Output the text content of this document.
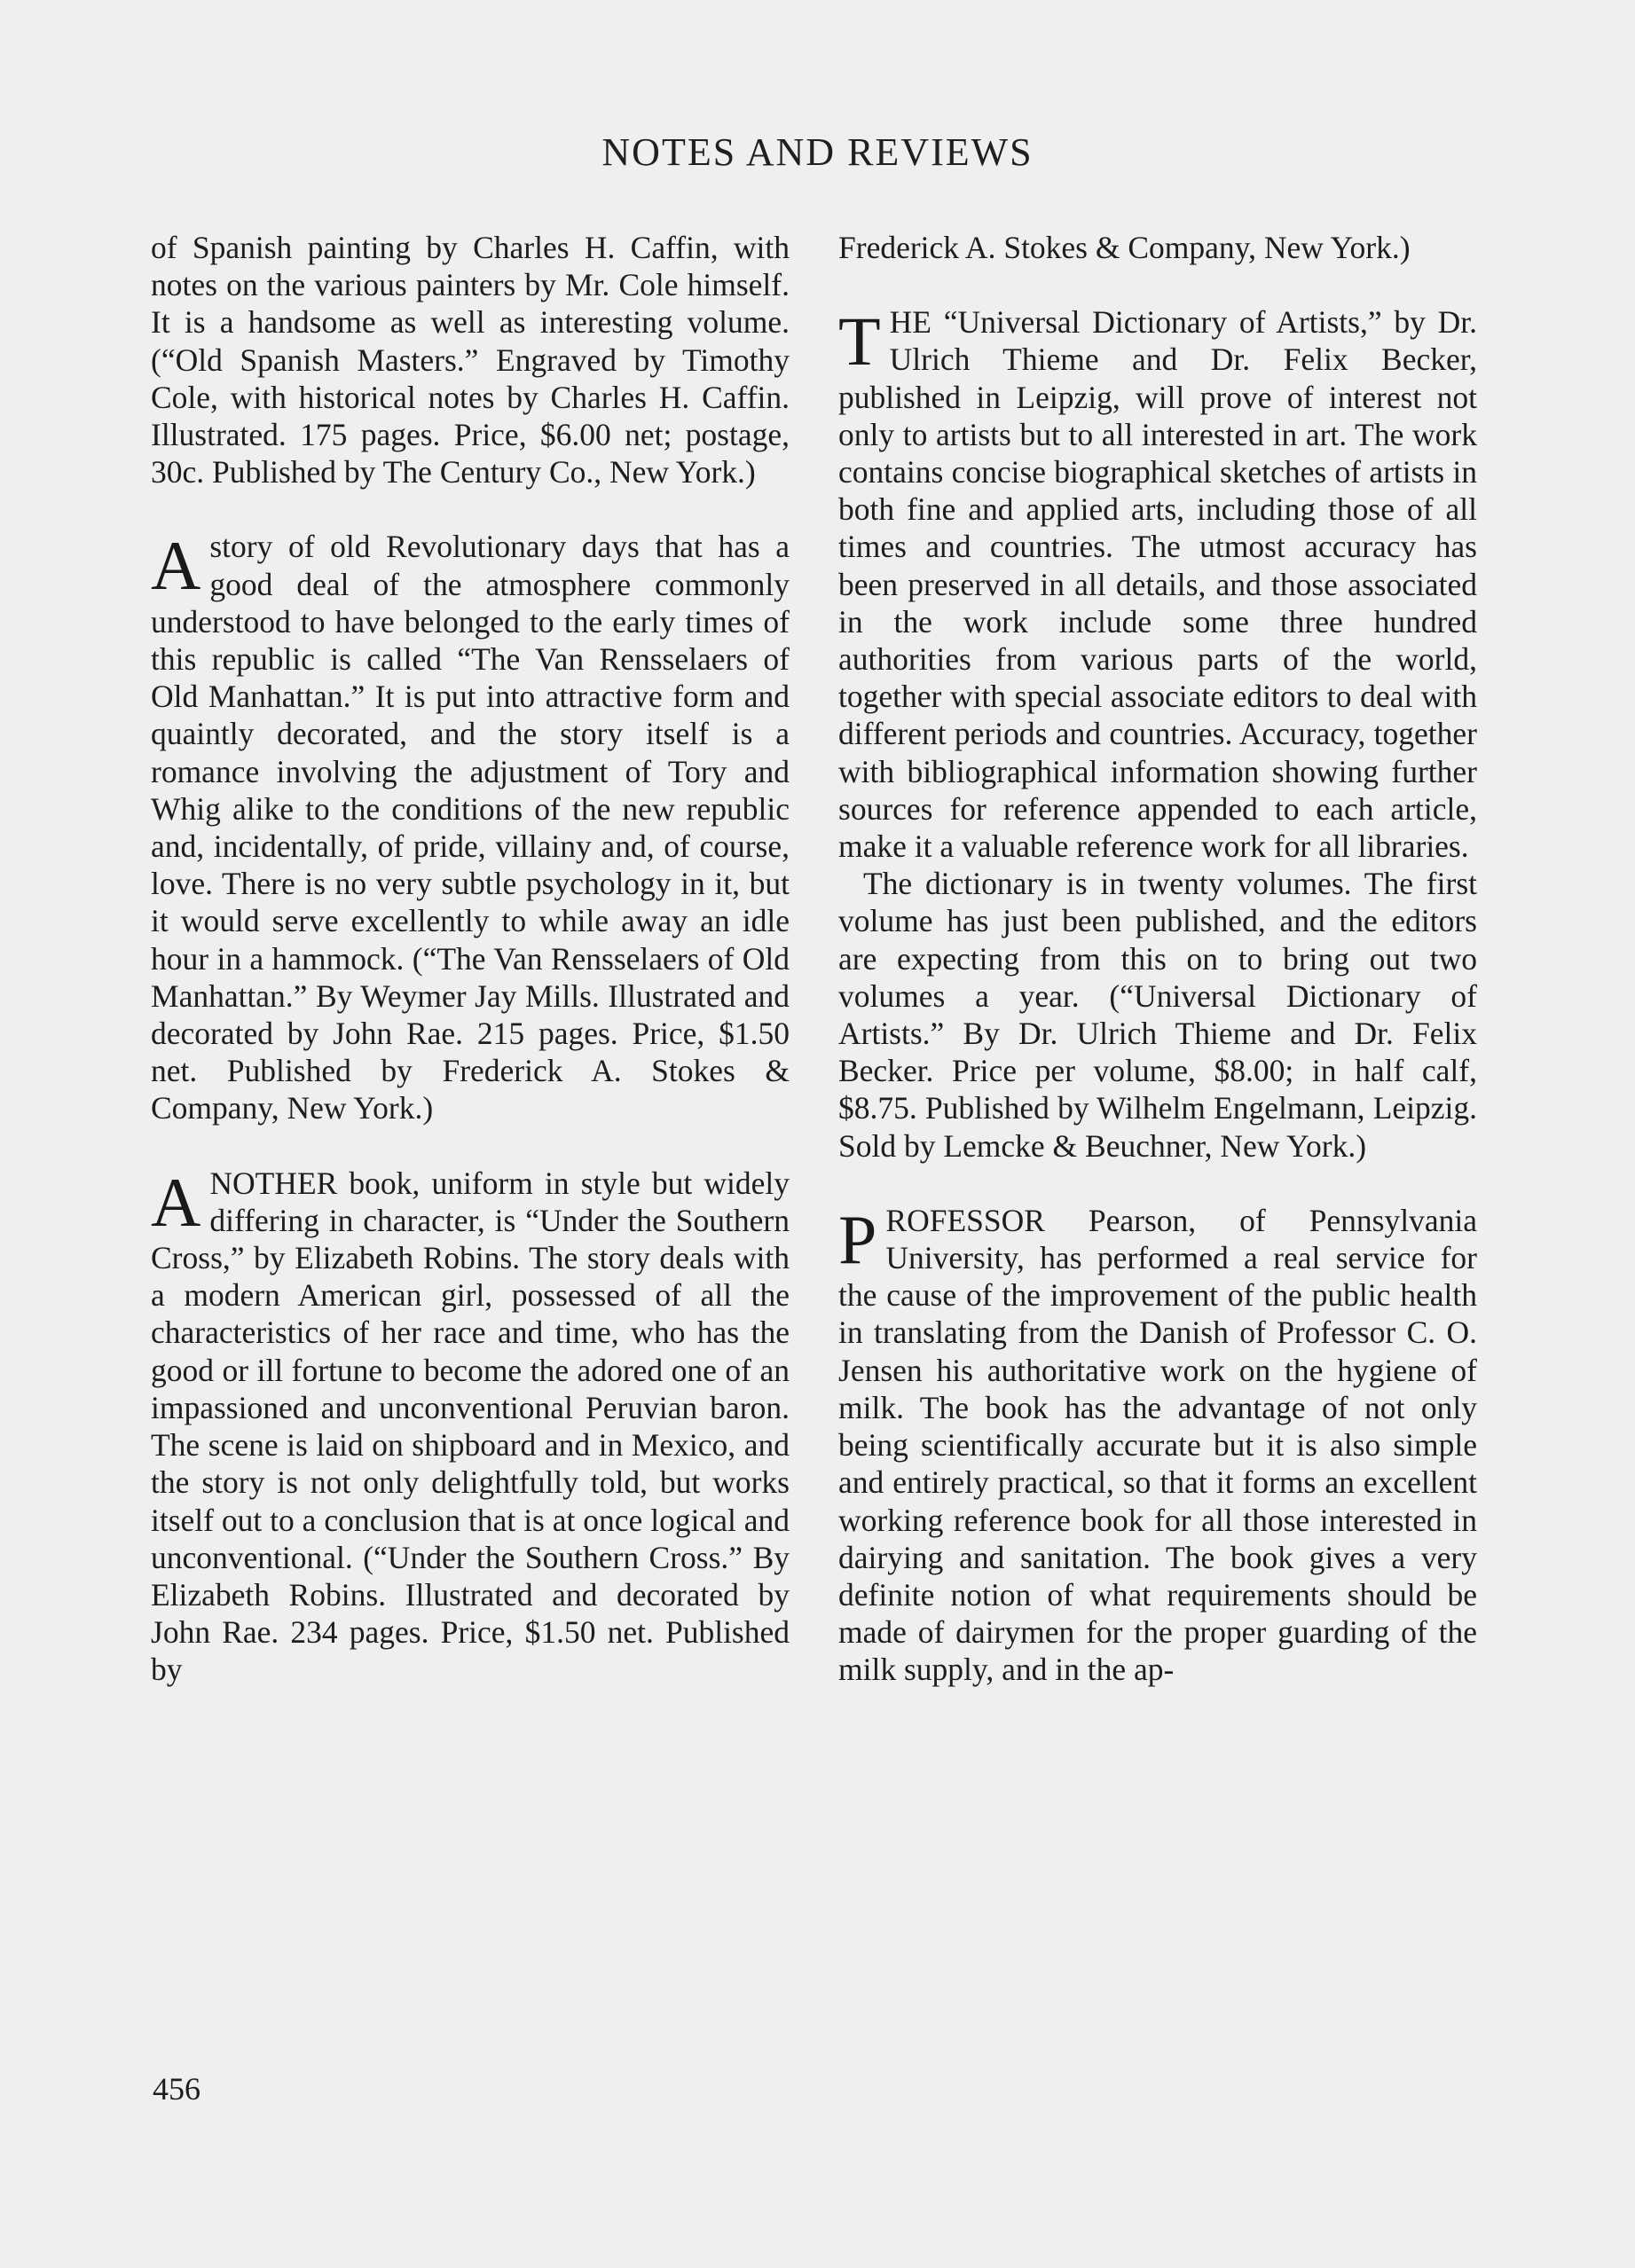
NOTES AND REVIEWS

of Spanish painting by Charles H. Caffin, with notes on the various painters by Mr. Cole himself. It is a handsome as well as interesting volume. (“Old Spanish Masters.” Engraved by Timothy Cole, with historical notes by Charles H. Caffin. Illustrated. 175 pages. Price, $6.00 net; postage, 30c. Published by The Century Co., New York.)

Astory of old Revolutionary days that has a good deal of the atmosphere commonly understood to have belonged to the early times of this republic is called “The Van Rensselaers of Old Manhattan.” It is put into attractive form and quaintly decorated, and the story itself is a romance involving the adjustment of Tory and Whig alike to the conditions of the new republic and, incidentally, of pride, villainy and, of course, love. There is no very subtle psychology in it, but it would serve excellently to while away an idle hour in a hammock. (“The Van Rensselaers of Old Manhattan.” By Weymer Jay Mills. Illustrated and decorated by John Rae. 215 pages. Price, $1.50 net. Published by Frederick A. Stokes & Company, New York.)

ANOTHER book, uniform in style but widely differing in character, is “Under the Southern Cross,” by Elizabeth Robins. The story deals with a modern American girl, possessed of all the characteristics of her race and time, who has the good or ill fortune to become the adored one of an impassioned and unconventional Peruvian baron. The scene is laid on shipboard and in Mexico, and the story is not only delightfully told, but works itself out to a conclusion that is at once logical and unconventional. (“Under the Southern Cross.” By Elizabeth Robins. Illustrated and decorated by John Rae. 234 pages. Price, $1.50 net. Published by

Frederick A. Stokes & Company, New York.)

THE “Universal Dictionary of Artists,” by Dr. Ulrich Thieme and Dr. Felix Becker, published in Leipzig, will prove of interest not only to artists but to all interested in art. The work contains concise biographical sketches of artists in both fine and applied arts, including those of all times and countries. The utmost accuracy has been preserved in all details, and those associated in the work include some three hundred authorities from various parts of the world, together with special associate editors to deal with different periods and countries. Accuracy, together with bibliographical information showing further sources for reference appended to each article, make it a valuable reference work for all libraries.

The dictionary is in twenty volumes. The first volume has just been published, and the editors are expecting from this on to bring out two volumes a year. (“Universal Dictionary of Artists.” By Dr. Ulrich Thieme and Dr. Felix Becker. Price per volume, $8.00; in half calf, $8.75. Published by Wilhelm Engelmann, Leipzig. Sold by Lemcke & Beuchner, New York.)

PROFESSOR Pearson, of Pennsylvania University, has performed a real service for the cause of the improvement of the public health in translating from the Danish of Professor C. O. Jensen his authoritative work on the hygiene of milk. The book has the advantage of not only being scientifically accurate but it is also simple and entirely practical, so that it forms an excellent working reference book for all those interested in dairying and sanitation. The book gives a very definite notion of what requirements should be made of dairymen for the proper guarding of the milk supply, and in the ap-

456
